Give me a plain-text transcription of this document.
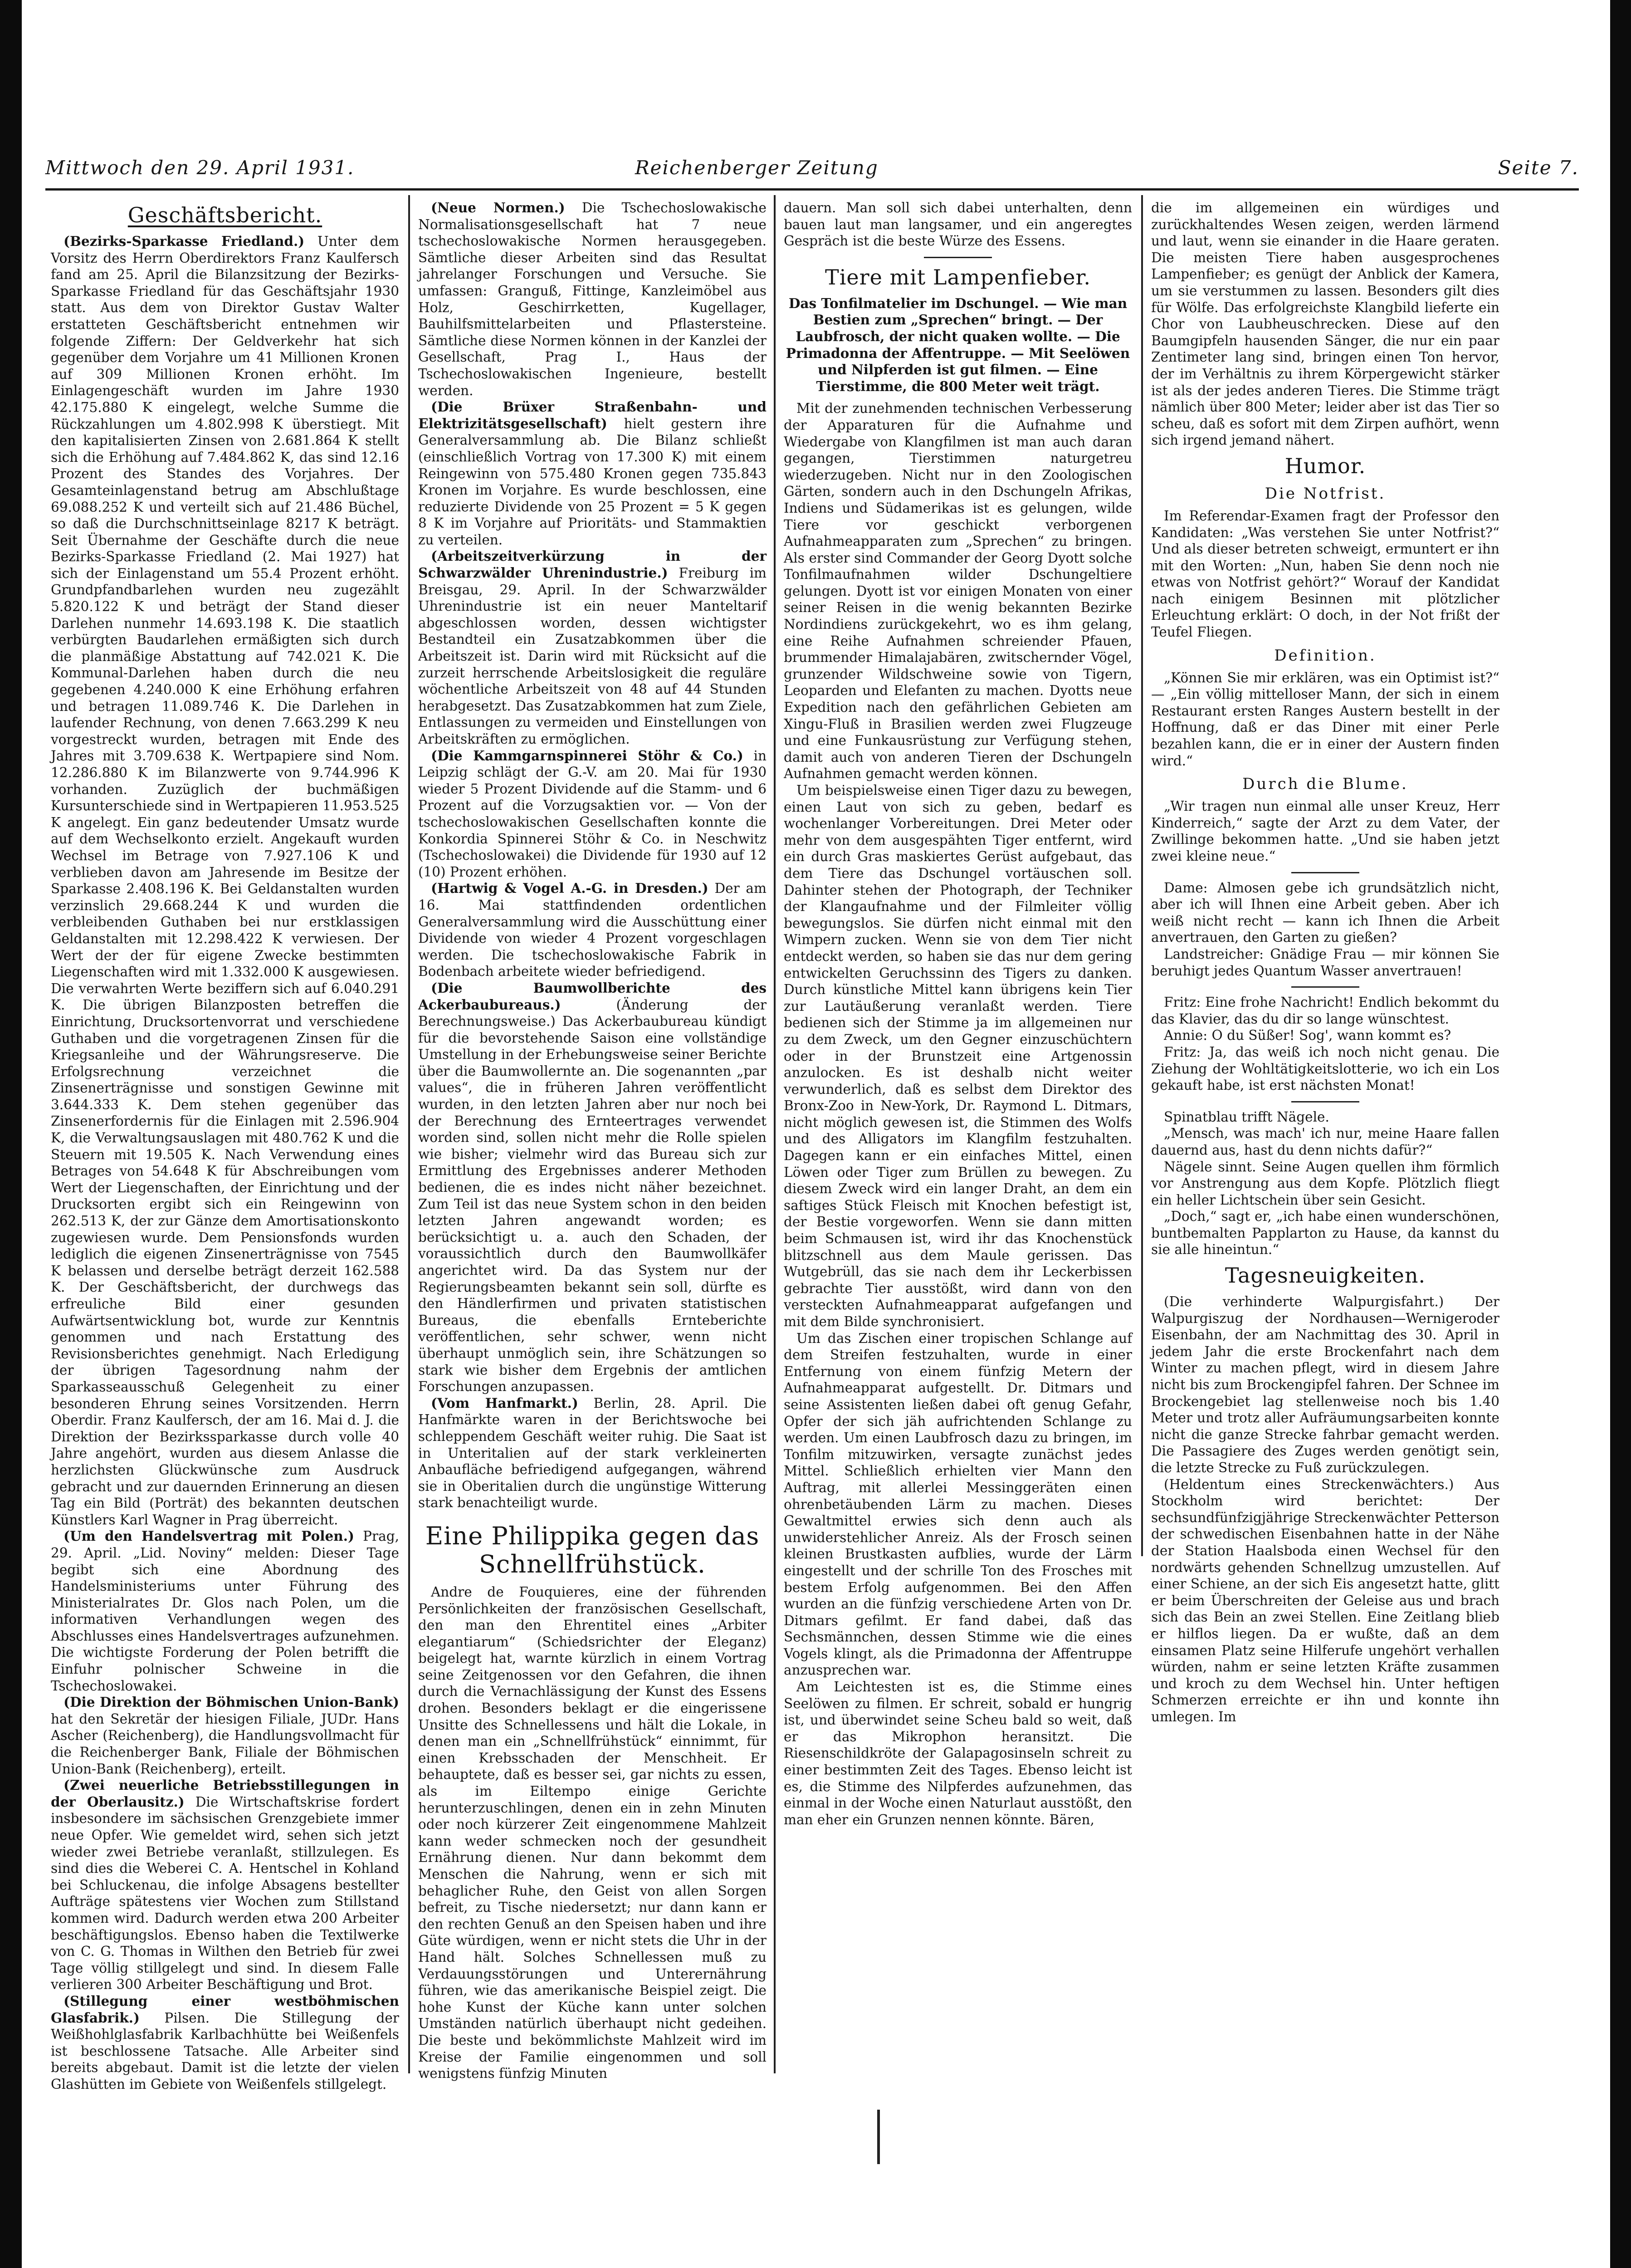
Mittwoch den 29. April 1931.	Reichenberger Zeitung	Seite 7.
Geschäftsbericht.

(Bezirks-Sparkasse Friedland.) Unter dem Vorsitz des Herrn Oberdirektors Franz Kaulfersch fand am 25. April die Bilanzsitzung der Bezirks-Sparkasse Friedland für das Geschäftsjahr 1930 statt. Aus dem von Direktor Gustav Walter erstatteten Geschäftsbericht entnehmen wir folgende Ziffern: Der Geldverkehr hat sich gegenüber dem Vorjahre um 41 Millionen Kronen auf 309 Millionen Kronen erhöht. Im Einlagengeschäft wurden im Jahre 1930 42.175.880 K eingelegt, welche Summe die Rückzahlungen um 4.802.998 K überstiegt. Mit den kapitalisierten Zinsen von 2.681.864 K stellt sich die Erhöhung auf 7.484.862 K, das sind 12.16 Prozent des Standes des Vorjahres. Der Gesamteinlagenstand betrug am Abschlußtage 69.088.252 K und verteilt sich auf 21.486 Büchel, so daß die Durchschnittseinlage 8217 K beträgt. Seit Übernahme der Geschäfte durch die neue Bezirks-Sparkasse Friedland (2. Mai 1927) hat sich der Einlagenstand um 55.4 Prozent erhöht. Grundpfandbarlehen wurden neu zugezählt 5.820.122 K und beträgt der Stand dieser Darlehen nunmehr 14.693.198 K. Die staatlich verbürgten Baudarlehen ermäßigten sich durch die planmäßige Abstattung auf 742.021 K. Die Kommunal-Darlehen haben durch die neu gegebenen 4.240.000 K eine Erhöhung erfahren und betragen 11.089.746 K. Die Darlehen in laufender Rechnung, von denen 7.663.299 K neu vorgestreckt wurden, betragen mit Ende des Jahres mit 3.709.638 K. Wertpapiere sind Nom. 12.286.880 K im Bilanzwerte von 9.744.996 K vorhanden. Zuzüglich der buchmäßigen Kursunterschiede sind in Wertpapieren 11.953.525 K angelegt. Ein ganz bedeutender Umsatz wurde auf dem Wechselkonto erzielt. Angekauft wurden Wechsel im Betrage von 7.927.106 K und verblieben davon am Jahresende im Besitze der Sparkasse 2.408.196 K. Bei Geldanstalten wurden verzinslich 29.668.244 K und wurden die verbleibenden Guthaben bei nur erstklassigen Geldanstalten mit 12.298.422 K verwiesen. Der Wert der der für eigene Zwecke bestimmten Liegenschaften wird mit 1.332.000 K ausgewiesen. Die verwahrten Werte beziffern sich auf 6.040.291 K. Die übrigen Bilanzposten betreffen die Einrichtung, Drucksortenvorrat und verschiedene Guthaben und die vorgetragenen Zinsen für die Kriegsanleihe und der Währungsreserve. Die Erfolgsrechnung verzeichnet die Zinsenerträgnisse und sonstigen Gewinne mit 3.644.333 K. Dem stehen gegenüber das Zinsenerfordernis für die Einlagen mit 2.596.904 K, die Verwaltungsauslagen mit 480.762 K und die Steuern mit 19.505 K. Nach Verwendung eines Betrages von 54.648 K für Abschreibungen vom Wert der Liegenschaften, der Einrichtung und der Drucksorten ergibt sich ein Reingewinn von 262.513 K, der zur Gänze dem Amortisationskonto zugewiesen wurde. Dem Pensionsfonds wurden lediglich die eigenen Zinsenerträgnisse von 7545 K belassen und derselbe beträgt derzeit 162.588 K. Der Geschäftsbericht, der durchwegs das erfreuliche Bild einer gesunden Aufwärtsentwicklung bot, wurde zur Kenntnis genommen und nach Erstattung des Revisionsberichtes genehmigt. Nach Erledigung der übrigen Tagesordnung nahm der Sparkasseausschuß Gelegenheit zu einer besonderen Ehrung seines Vorsitzenden. Herrn Oberdir. Franz Kaulfersch, der am 16. Mai d. J. die Direktion der Bezirkssparkasse durch volle 40 Jahre angehört, wurden aus diesem Anlasse die herzlichsten Glückwünsche zum Ausdruck gebracht und zur dauernden Erinnerung an diesen Tag ein Bild (Porträt) des bekannten deutschen Künstlers Karl Wagner in Prag überreicht.

(Um den Handelsvertrag mit Polen.) Prag, 29. April. „Lid. Noviny“ melden: Dieser Tage begibt sich eine Abordnung des Handelsministeriums unter Führung des Ministerialrates Dr. Glos nach Polen, um die informativen Verhandlungen wegen des Abschlusses eines Handelsvertrages aufzunehmen. Die wichtigste Forderung der Polen betrifft die Einfuhr polnischer Schweine in die Tschechoslowakei.

(Die Direktion der Böhmischen Union-Bank) hat den Sekretär der hiesigen Filiale, JUDr. Hans Ascher (Reichenberg), die Handlungsvollmacht für die Reichenberger Bank, Filiale der Böhmischen Union-Bank (Reichenberg), erteilt.

(Zwei neuerliche Betriebsstillegungen in der Oberlausitz.) Die Wirtschaftskrise fordert insbesondere im sächsischen Grenzgebiete immer neue Opfer. Wie gemeldet wird, sehen sich jetzt wieder zwei Betriebe veranlaßt, stillzulegen. Es sind dies die Weberei C. A. Hentschel in Kohland bei Schluckenau, die infolge Absagens bestellter Aufträge spätestens vier Wochen zum Stillstand kommen wird. Dadurch werden etwa 200 Arbeiter beschäftigungslos. Ebenso haben die Textilwerke von C. G. Thomas in Wilthen den Betrieb für zwei Tage völlig stillgelegt und sind. In diesem Falle verlieren 300 Arbeiter Beschäftigung und Brot.

(Stillegung einer westböhmischen Glasfabrik.) Pilsen. Die Stillegung der Weißhohlglasfabrik Karlbachhütte bei Weißenfels ist beschlossene Tatsache. Alle Arbeiter sind bereits abgebaut. Damit ist die letzte der vielen Glashütten im Gebiete von Weißenfels stillgelegt.

(Neue Normen.) Die Tschechoslowakische Normalisationsgesellschaft hat 7 neue tschechoslowakische Normen herausgegeben. Sämtliche dieser Arbeiten sind das Resultat jahrelanger Forschungen und Versuche. Sie umfassen: Granguß, Fittinge, Kanzleimöbel aus Holz, Geschirrketten, Kugellager, Bauhilfsmittelarbeiten und Pflastersteine. Sämtliche diese Normen können in der Kanzlei der Gesellschaft, Prag I., Haus der Tschechoslowakischen Ingenieure, bestellt werden.

(Die Brüxer Straßenbahn- und Elektrizitätsgesellschaft) hielt gestern ihre Generalversammlung ab. Die Bilanz schließt (einschließlich Vortrag von 17.300 K) mit einem Reingewinn von 575.480 Kronen gegen 735.843 Kronen im Vorjahre. Es wurde beschlossen, eine reduzierte Dividende von 25 Prozent = 5 K gegen 8 K im Vorjahre auf Prioritäts- und Stammaktien zu verteilen.

(Arbeitszeitverkürzung in der Schwarzwälder Uhrenindustrie.) Freiburg im Breisgau, 29. April. In der Schwarzwälder Uhrenindustrie ist ein neuer Manteltarif abgeschlossen worden, dessen wichtigster Bestandteil ein Zusatzabkommen über die Arbeitszeit ist. Darin wird mit Rücksicht auf die zurzeit herrschende Arbeitslosigkeit die reguläre wöchentliche Arbeitszeit von 48 auf 44 Stunden herabgesetzt. Das Zusatzabkommen hat zum Ziele, Entlassungen zu vermeiden und Einstellungen von Arbeitskräften zu ermöglichen.

(Die Kammgarnspinnerei Stöhr & Co.) in Leipzig schlägt der G.-V. am 20. Mai für 1930 wieder 5 Prozent Dividende auf die Stamm- und 6 Prozent auf die Vorzugsaktien vor. — Von der tschechoslowakischen Gesellschaften konnte die Konkordia Spinnerei Stöhr & Co. in Neschwitz (Tschechoslowakei) die Dividende für 1930 auf 12 (10) Prozent erhöhen.

(Hartwig & Vogel A.-G. in Dresden.) Der am 16. Mai stattfindenden ordentlichen Generalversammlung wird die Ausschüttung einer Dividende von wieder 4 Prozent vorgeschlagen werden. Die tschechoslowakische Fabrik in Bodenbach arbeitete wieder befriedigend.

(Die Baumwollberichte des Ackerbaubureaus.)	(Änderung der Berechnungsweise.) Das Ackerbaubureau kündigt für die bevorstehende Saison eine vollständige Umstellung in der Erhebungsweise seiner Berichte über die Baumwollernte an. Die sogenannten „par values“, die in früheren Jahren veröffentlicht wurden, in den letzten Jahren aber nur noch bei der Berechnung des Ernteertrages verwendet worden sind, sollen nicht mehr die Rolle spielen wie bisher; vielmehr wird das Bureau sich zur Ermittlung des Ergebnisses anderer Methoden bedienen, die es indes nicht näher bezeichnet. Zum Teil ist das neue System schon in den beiden letzten Jahren angewandt worden; es berücksichtigt u. a. auch den Schaden, der voraussichtlich durch den Baumwollkäfer angerichtet wird. Da das System nur der Regierungsbeamten bekannt sein soll, dürfte es den Händlerfirmen und privaten statistischen Bureaus, die ebenfalls Ernteberichte veröffentlichen, sehr schwer, wenn nicht überhaupt unmöglich sein, ihre Schätzungen so stark wie bisher dem Ergebnis der amtlichen Forschungen anzupassen.

(Vom Hanfmarkt.) Berlin, 28. April. Die Hanfmärkte waren in der Berichtswoche bei schleppendem Geschäft weiter ruhig. Die Saat ist in Unteritalien auf der stark verkleinerten Anbaufläche befriedigend aufgegangen, während sie in Oberitalien durch die ungünstige Witterung stark benachteiligt wurde.

Eine Philippika gegen das Schnellfrühstück.

Andre de Fouquieres, eine der führenden Persönlichkeiten der französischen Gesellschaft, den man den Ehrentitel eines „Arbiter elegantiarum“ (Schiedsrichter der Eleganz) beigelegt hat, warnte kürzlich in einem Vortrag seine Zeitgenossen vor den Gefahren, die ihnen durch die Vernachlässigung der Kunst des Essens drohen. Besonders beklagt er die eingerissene Unsitte des Schnellessens und hält die Lokale, in denen man ein „Schnellfrühstück“ einnimmt, für einen Krebsschaden der Menschheit. Er behauptete, daß es besser sei, gar nichts zu essen, als im Eiltempo einige Gerichte herunterzuschlingen, denen ein in zehn Minuten oder noch kürzerer Zeit eingenommene Mahlzeit kann weder schmecken noch der gesundheit Ernährung dienen. Nur dann bekommt dem Menschen die Nahrung, wenn er sich mit behaglicher Ruhe, den Geist von allen Sorgen befreit, zu Tische niedersetzt; nur dann kann er den rechten Genuß an den Speisen haben und ihre Güte würdigen, wenn er nicht stets die Uhr in der Hand hält. Solches Schnellessen muß zu Verdauungsstörungen und Unterernährung führen, wie das amerikanische Beispiel zeigt. Die hohe Kunst der Küche kann unter solchen Umständen natürlich überhaupt nicht gedeihen. Die beste und bekömmlichste Mahlzeit wird im Kreise der Familie eingenommen und soll wenigstens fünfzig Minuten

dauern. Man soll sich dabei unterhalten, denn bauen laut man langsamer, und ein angeregtes Gespräch ist die beste Würze des Essens.

Tiere mit Lampenfieber.

Das Tonfilmatelier im Dschungel. — Wie man Bestien zum „Sprechen“ bringt. — Der Laubfrosch, der nicht quaken wollte. — Die Primadonna der Affentruppe. — Mit Seelöwen und Nilpferden ist gut filmen. — Eine Tierstimme, die 800 Meter weit trägt.

Mit der zunehmenden technischen Verbesserung der Apparaturen für die Aufnahme und Wiedergabe von Klangfilmen ist man auch daran gegangen, Tierstimmen naturgetreu wiederzugeben. Nicht nur in den Zoologischen Gärten, sondern auch in den Dschungeln Afrikas, Indiens und Südamerikas ist es gelungen, wilde Tiere vor geschickt verborgenen Aufnahmeapparaten zum „Sprechen“ zu bringen. Als erster sind Commander der Georg Dyott solche Tonfilmaufnahmen wilder Dschungeltiere gelungen. Dyott ist vor einigen Monaten von einer seiner Reisen in die wenig bekannten Bezirke Nordindiens zurückgekehrt, wo es ihm gelang, eine Reihe Aufnahmen schreiender Pfauen, brummender Himalajabären, zwitschernder Vögel, grunzender Wildschweine sowie von Tigern, Leoparden und Elefanten zu machen. Dyotts neue Expedition nach den gefährlichen Gebieten am Xingu-Fluß in Brasilien werden zwei Flugzeuge und eine Funkausrüstung zur Verfügung stehen, damit auch von anderen Tieren der Dschungeln Aufnahmen gemacht werden können.

Um beispielsweise einen Tiger dazu zu bewegen, einen Laut von sich zu geben, bedarf es wochenlanger Vorbereitungen. Drei Meter oder mehr von dem ausgespähten Tiger entfernt, wird ein durch Gras maskiertes Gerüst aufgebaut, das dem Tiere das Dschungel vortäuschen soll. Dahinter stehen der Photograph, der Techniker der Klangaufnahme und der Filmleiter völlig bewegungslos. Sie dürfen nicht einmal mit den Wimpern zucken. Wenn sie von dem Tier nicht entdeckt werden, so haben sie das nur dem gering entwickelten Geruchssinn des Tigers zu danken. Durch künstliche Mittel kann übrigens kein Tier zur Lautäußerung veranlaßt werden. Tiere bedienen sich der Stimme ja im allgemeinen nur zu dem Zweck, um den Gegner einzuschüchtern oder in der Brunstzeit eine Artgenossin anzulocken. Es ist deshalb nicht weiter verwunderlich, daß es selbst dem Direktor des Bronx-Zoo in New-York, Dr. Raymond L. Ditmars, nicht möglich gewesen ist, die Stimmen des Wolfs und des Alligators im Klangfilm festzuhalten. Dagegen kann er ein einfaches Mittel, einen Löwen oder Tiger zum Brüllen zu bewegen. Zu diesem Zweck wird ein langer Draht, an dem ein saftiges Stück Fleisch mit Knochen befestigt ist, der Bestie vorgeworfen. Wenn sie dann mitten beim Schmausen ist, wird ihr das Knochenstück blitzschnell aus dem Maule gerissen. Das Wutgebrüll, das sie nach dem ihr Leckerbissen gebrachte Tier ausstößt, wird dann von den versteckten Aufnahmeapparat aufgefangen und mit dem Bilde synchronisiert.

Um das Zischen einer tropischen Schlange auf dem Streifen festzuhalten, wurde in einer Entfernung von einem fünfzig Metern der Aufnahmeapparat aufgestellt. Dr. Ditmars und seine Assistenten ließen dabei oft genug Gefahr, Opfer der sich jäh aufrichtenden Schlange zu werden. Um einen Laubfrosch dazu zu bringen, im Tonfilm mitzuwirken, versagte zunächst jedes Mittel. Schließlich erhielten vier Mann den Auftrag, mit allerlei Messinggeräten einen ohrenbetäubenden Lärm zu machen. Dieses Gewaltmittel erwies sich denn auch als unwiderstehlicher Anreiz. Als der Frosch seinen kleinen Brustkasten aufblies, wurde der Lärm eingestellt und der schrille Ton des Frosches mit bestem Erfolg aufgenommen. Bei den Affen wurden an die fünfzig verschiedene Arten von Dr. Ditmars gefilmt. Er fand dabei, daß das Sechsmännchen, dessen Stimme wie die eines Vogels klingt, als die Primadonna der Affentruppe anzusprechen war.

Am Leichtesten ist es, die Stimme eines Seelöwen zu filmen. Er schreit, sobald er hungrig ist, und überwindet seine Scheu bald so weit, daß er das Mikrophon heransitzt. Die Riesenschildkröte der Galapagosinseln schreit zu einer bestimmten Zeit des Tages. Ebenso leicht ist es, die Stimme des Nilpferdes aufzunehmen, das einmal in der Woche einen Naturlaut ausstößt, den man eher ein Grunzen nennen könnte. Bären,

die im allgemeinen ein würdiges und zurückhaltendes Wesen zeigen, werden lärmend und laut, wenn sie einander in die Haare geraten. Die meisten Tiere haben ausgesprochenes Lampenfieber; es genügt der Anblick der Kamera, um sie verstummen zu lassen. Besonders gilt dies für Wölfe. Das erfolgreichste Klangbild lieferte ein Chor von Laubheuschrecken. Diese auf den Baumgipfeln hausenden Sänger, die nur ein paar Zentimeter lang sind, bringen einen Ton hervor, der im Verhältnis zu ihrem Körpergewicht stärker ist als der jedes anderen Tieres. Die Stimme trägt nämlich über 800 Meter; leider aber ist das Tier so scheu, daß es sofort mit dem Zirpen aufhört, wenn sich irgend jemand nähert.

Humor.
Die Notfrist.

Im Referendar-Examen fragt der Professor den Kandidaten: „Was verstehen Sie unter Notfrist?“ Und als dieser betreten schweigt, ermuntert er ihn mit den Worten: „Nun, haben Sie denn noch nie etwas von Notfrist gehört?“ Worauf der Kandidat nach einigem Besinnen mit plötzlicher Erleuchtung erklärt: O doch, in der Not frißt der Teufel Fliegen.

Definition.

„Können Sie mir erklären, was ein Optimist ist?“ — „Ein völlig mittelloser Mann, der sich in einem Restaurant ersten Ranges Austern bestellt in der Hoffnung, daß er das Diner mit einer Perle bezahlen kann, die er in einer der Austern finden wird.“

Durch die Blume.

„Wir tragen nun einmal alle unser Kreuz, Herr Kinderreich,“ sagte der Arzt zu dem Vater, der Zwillinge bekommen hatte. „Und sie haben jetzt zwei kleine neue.“

Dame: Almosen gebe ich grundsätzlich nicht, aber ich will Ihnen eine Arbeit geben. Aber ich weiß nicht recht — kann ich Ihnen die Arbeit anvertrauen, den Garten zu gießen?

Landstreicher: Gnädige Frau — mir können Sie beruhigt jedes Quantum Wasser anvertrauen!

Fritz: Eine frohe Nachricht! Endlich bekommt du das Klavier, das du dir so lange wünschtest.

Annie: O du Süßer! Sog', wann kommt es?

Fritz: Ja, das weiß ich noch nicht genau. Die Ziehung der Wohltätigkeitslotterie, wo ich ein Los gekauft habe, ist erst nächsten Monat!

Spinatblau trifft Nägele.

„Mensch, was mach' ich nur, meine Haare fallen dauernd aus, hast du denn nichts dafür?“

Nägele sinnt. Seine Augen quellen ihm förmlich vor Anstrengung aus dem Kopfe. Plötzlich fliegt ein heller Lichtschein über sein Gesicht.

„Doch,“ sagt er, „ich habe einen wunderschönen, buntbemalten Papplarton zu Hause, da kannst du sie alle hineintun.“

Tagesneuigkeiten.

(Die verhinderte Walpurgisfahrt.) Der Walpurgiszug der Nordhausen—Wernigeroder Eisenbahn, der am Nachmittag des 30. April in jedem Jahr die erste Brockenfahrt nach dem Winter zu machen pflegt, wird in diesem Jahre nicht bis zum Brockengipfel fahren. Der Schnee im Brockengebiet lag stellenweise noch bis 1.40 Meter und trotz aller Aufräumungsarbeiten konnte nicht die ganze Strecke fahrbar gemacht werden. Die Passagiere des Zuges werden genötigt sein, die letzte Strecke zu Fuß zurückzulegen.

(Heldentum eines Streckenwächters.) Aus Stockholm wird berichtet: Der sechsundfünfzigjährige Streckenwächter Petterson der schwedischen Eisenbahnen hatte in der Nähe der Station Haalsboda einen Wechsel für den nordwärts gehenden Schnellzug umzustellen. Auf einer Schiene, an der sich Eis angesetzt hatte, glitt er beim Überschreiten der Geleise aus und brach sich das Bein an zwei Stellen. Eine Zeitlang blieb er hilflos liegen. Da er wußte, daß an dem einsamen Platz seine Hilferufe ungehört verhallen würden, nahm er seine letzten Kräfte zusammen und kroch zu dem Wechsel hin. Unter heftigen Schmerzen erreichte er ihn und konnte ihn umlegen. Im
